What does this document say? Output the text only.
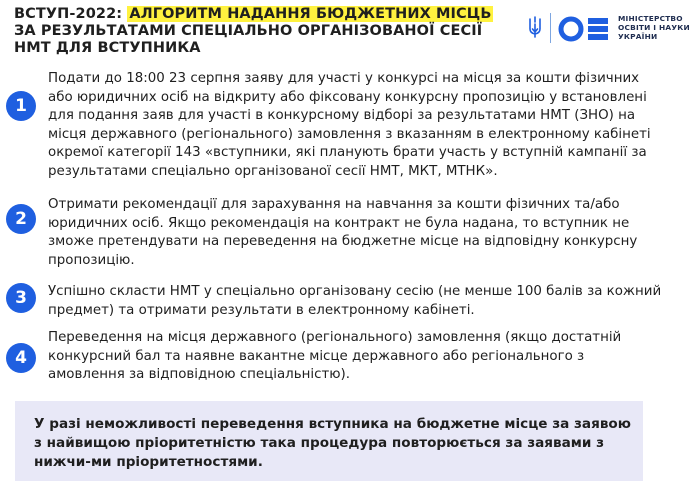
ВСТУП-2022: АЛГОРИТМ НАДАННЯ БЮДЖЕТНИХ МІСЦЬ ЗА РЕЗУЛЬТАТАМИ СПЕЦІАЛЬНО ОРГАНІЗОВАНОЇ СЕСІЇ НМТ ДЛЯ ВСТУПНИКА
МІНІСТЕРСТВО
ОСВІТИ І НАУКИ
УКРАЇНИ
1
Подати до 18:00 23 серпня заяву для участі у конкурсі на місця за кошти фізичних або юридичних осіб на відкриту або фіксовану конкурсну пропозицію у встановлені для подання заяв для участі в конкурсному відборі за результатами НМТ (ЗНО) на місця державного (регіонального) замовлення з вказанням в електронному кабінеті окремої категорії 143 «вступники, які планують брати участь у вступній кампанії за результатами спеціально організованої сесії НМТ, МКТ, МТНК».
2
Отримати рекомендації для зарахування на навчання за кошти фізичних та/або юридичних осіб. Якщо рекомендація на контракт не була надана, то вступник не зможе претендувати на переведення на бюджетне місце на відповідну конкурсну пропозицію.
3	Успішно скласти НМТ у спеціально організовану сесію (не менше 100 балів за кожний предмет) та отримати результати в електронному кабінеті.
4
Переведення на місця державного (регіонального) замовлення (якщо достатній конкурсний бал та наявне вакантне місце державного або регіонального з амовлення за відповідною спеціальністю).
У разі неможливості переведення вступника на бюджетне місце за заявою з найвищою пріоритетністю така процедура повторюється за заявами з нижчи-ми пріоритетностями.
